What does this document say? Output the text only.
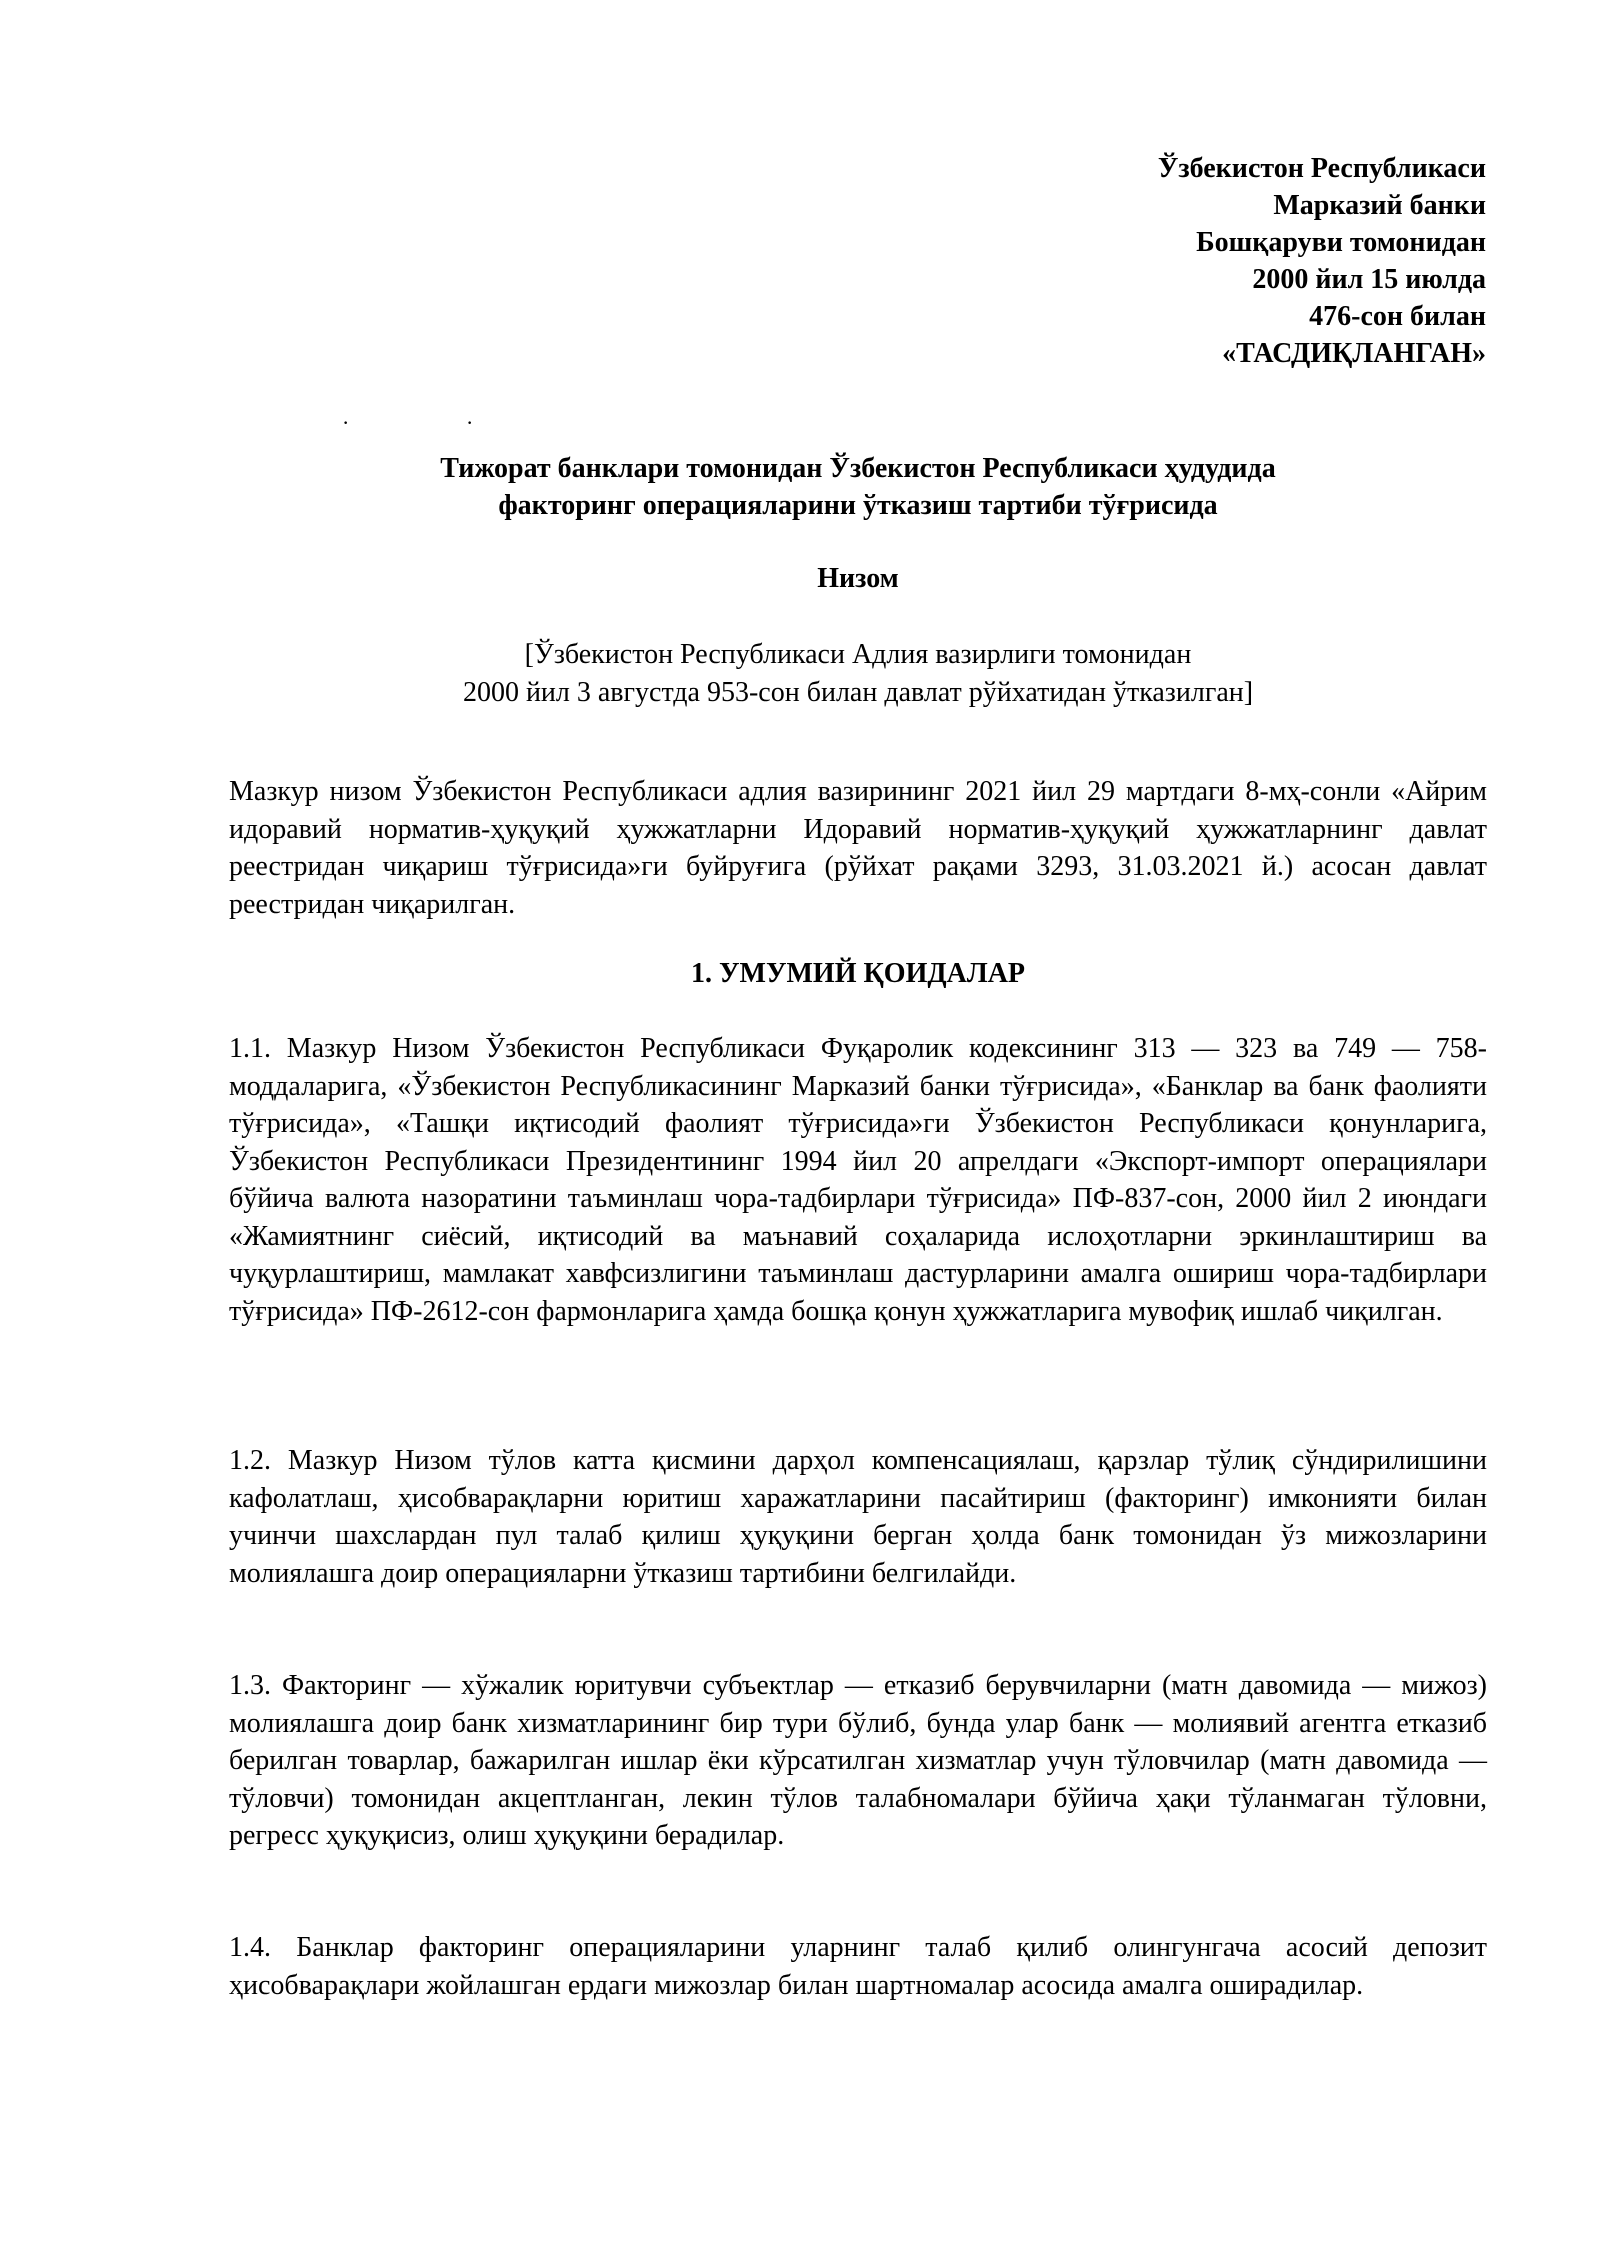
Ўзбекистон Республикаси
Марказий банки
Бошқаруви томонидан
2000 йил 15 июлда
476-сон билан
«ТАСДИҚЛАНГАН»
·	·
Тижорат банклари томонидан Ўзбекистон Республикаси ҳудудида
факторинг операцияларини ўтказиш тартиби тўғрисида
Низом
[Ўзбекистон Республикаси Адлия вазирлиги томонидан
2000 йил 3 августда 953-сон билан давлат рўйхатидан ўтказилган]
Мазкур низом Ўзбекистон Республикаси адлия вазирининг 2021 йил 29 мартдаги 8-мҳ-сонли «Айрим идоравий норматив-ҳуқуқий ҳужжатларни Идоравий норматив-ҳуқуқий ҳужжатларнинг давлат реестридан чиқариш тўғрисида»ги буйруғига (рўйхат рақами 3293, 31.03.2021 й.) асосан давлат реестридан чиқарилган.
1. УМУМИЙ ҚОИДАЛАР
1.1. Мазкур Низом Ўзбекистон Республикаси Фуқаролик кодексининг 313 — 323 ва 749 — 758-моддаларига, «Ўзбекистон Республикасининг Марказий банки тўғрисида», «Банклар ва банк фаолияти тўғрисида», «Ташқи иқтисодий фаолият тўғрисида»ги Ўзбекистон Республикаси қонунларига, Ўзбекистон Республикаси Президентининг 1994 йил 20 апрелдаги «Экспорт-импорт операциялари бўйича валюта назоратини таъминлаш чора-тадбирлари тўғрисида» ПФ-837-сон, 2000 йил 2 июндаги «Жамиятнинг сиёсий, иқтисодий ва маънавий соҳаларида ислоҳотларни эркинлаштириш ва чуқурлаштириш, мамлакат хавфсизлигини таъминлаш дастурларини амалга ошириш чора-тадбирлари тўғрисида» ПФ-2612-сон фармонларига ҳамда бошқа қонун ҳужжатларига мувофиқ ишлаб чиқилган.
1.2. Мазкур Низом тўлов катта қисмини дарҳол компенсациялаш, қарзлар тўлиқ сўндирилишини кафолатлаш, ҳисобварақларни юритиш харажатларини пасайтириш (факторинг) имконияти билан учинчи шахслардан пул талаб қилиш ҳуқуқини берган ҳолда банк томонидан ўз мижозларини молиялашга доир операцияларни ўтказиш тартибини белгилайди.
1.3. Факторинг — хўжалик юритувчи субъектлар — етказиб берувчиларни (матн давомида — мижоз) молиялашга доир банк хизматларининг бир тури бўлиб, бунда улар банк — молиявий агентга етказиб берилган товарлар, бажарилган ишлар ёки кўрсатилган хизматлар учун тўловчилар (матн давомида — тўловчи) томонидан акцептланган, лекин тўлов талабномалари бўйича ҳақи тўланмаган тўловни, регресс ҳуқуқисиз, олиш ҳуқуқини берадилар.
1.4. Банклар факторинг операцияларини уларнинг талаб қилиб олингунгача асосий депозит ҳисобварақлари жойлашган ердаги мижозлар билан шартномалар асосида амалга оширадилар.
